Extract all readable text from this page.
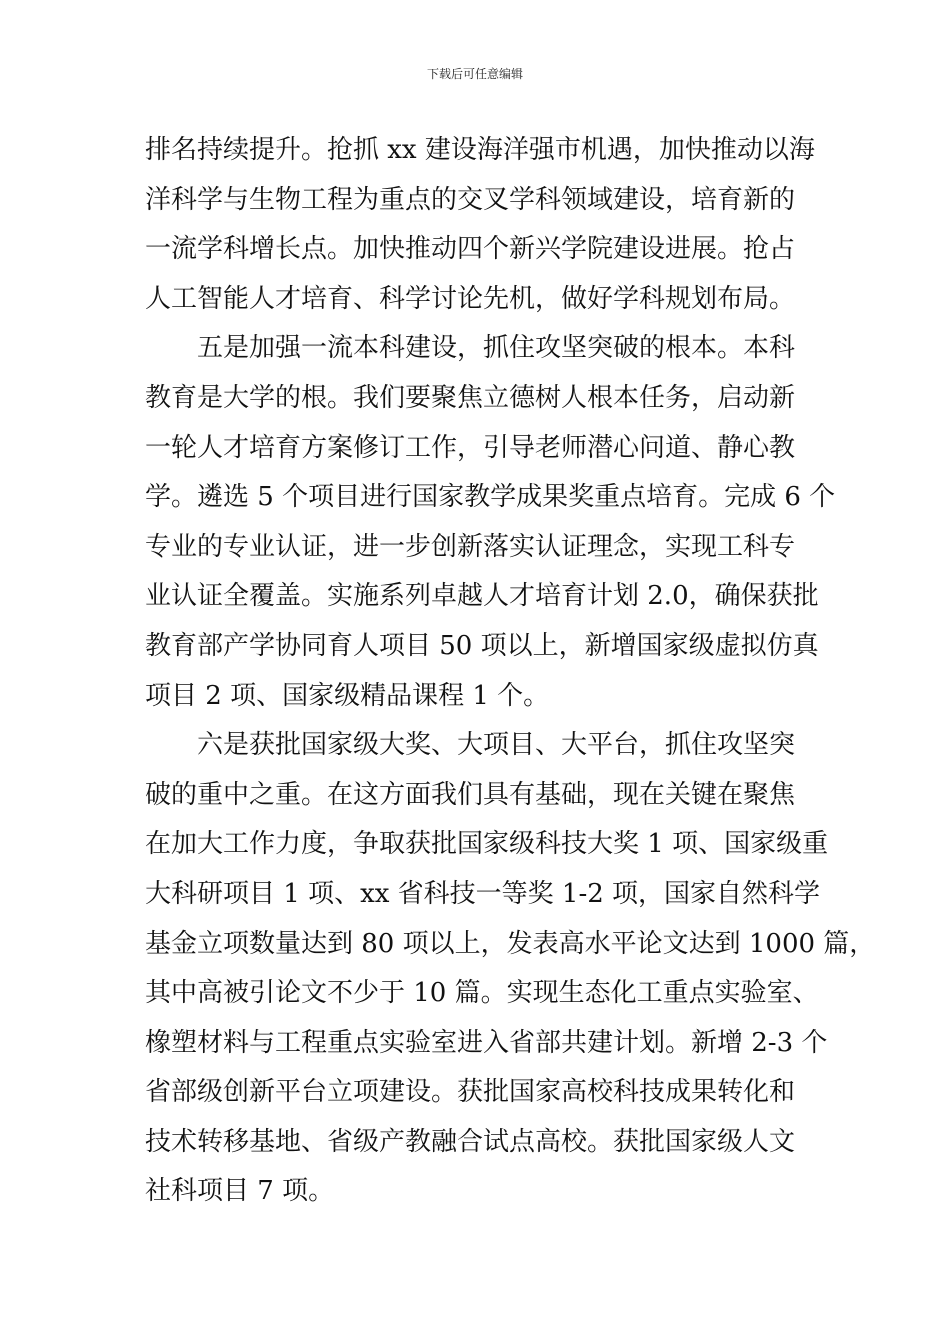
下载后可任意编辑
排名持续提升。抢抓 xx 建设海洋强市机遇，加快推动以海
洋科学与生物工程为重点的交叉学科领域建设，培育新的
一流学科增长点。加快推动四个新兴学院建设进展。抢占
人工智能人才培育、科学讨论先机，做好学科规划布局。
五是加强一流本科建设，抓住攻坚突破的根本。本科
教育是大学的根。我们要聚焦立德树人根本任务，启动新
一轮人才培育方案修订工作，引导老师潜心问道、静心教
学。遴选 5 个项目进行国家教学成果奖重点培育。完成 6 个
专业的专业认证，进一步创新落实认证理念，实现工科专
业认证全覆盖。实施系列卓越人才培育计划 2.0，确保获批
教育部产学协同育人项目 50 项以上，新增国家级虚拟仿真
项目 2 项、国家级精品课程 1 个。
六是获批国家级大奖、大项目、大平台，抓住攻坚突
破的重中之重。在这方面我们具有基础，现在关键在聚焦
在加大工作力度，争取获批国家级科技大奖 1 项、国家级重
大科研项目 1 项、xx 省科技一等奖 1-2 项，国家自然科学
基金立项数量达到 80 项以上，发表高水平论文达到 1000 篇，
其中高被引论文不少于 10 篇。实现生态化工重点实验室、
橡塑材料与工程重点实验室进入省部共建计划。新增 2-3 个
省部级创新平台立项建设。获批国家高校科技成果转化和
技术转移基地、省级产教融合试点高校。获批国家级人文
社科项目 7 项。
